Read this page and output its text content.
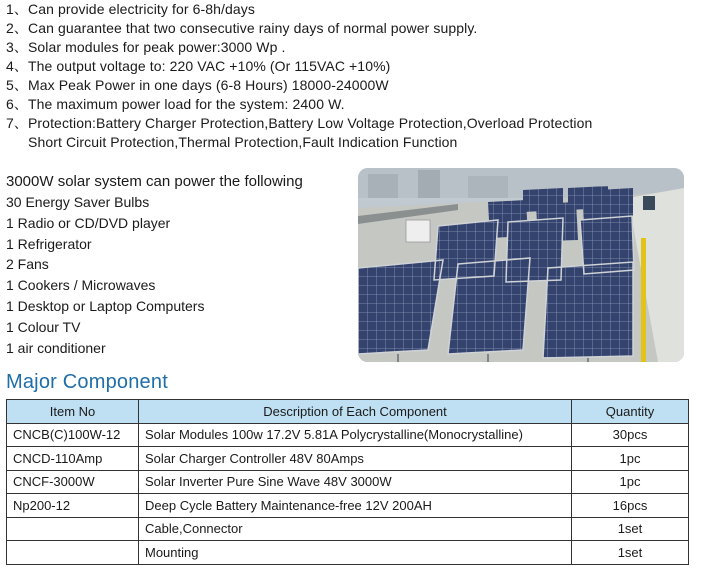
1、Can provide electricity for 6-8h/days
2、Can guarantee that two consecutive rainy days of normal power supply.
3、Solar modules for peak power:3000 Wp .
4、The output voltage to: 220 VAC +10% (Or 115VAC +10%)
5、Max Peak Power in one days (6-8 Hours) 18000-24000W
6、The maximum power load for the system: 2400 W.
7、Protection:Battery Charger Protection,Battery Low Voltage Protection,Overload Protection
Short Circuit Protection,Thermal Protection,Fault Indication Function
3000W solar system can power the following
30 Energy Saver Bulbs
1 Radio or CD/DVD player
1 Refrigerator
2 Fans
1 Cookers / Microwaves
1 Desktop or Laptop Computers
1 Colour TV
1 air conditioner
Major Component
Item No	Description of Each Component	Quantity
CNCB(C)100W-12	Solar Modules 100w 17.2V 5.81A Polycrystalline(Monocrystalline)	30pcs
CNCD-110Amp	Solar Charger Controller 48V 80Amps	1pc
CNCF-3000W	Solar Inverter Pure Sine Wave 48V 3000W	1pc
Np200-12	Deep Cycle Battery Maintenance-free 12V 200AH	16pcs
	Cable,Connector	1set
	Mounting	1set
